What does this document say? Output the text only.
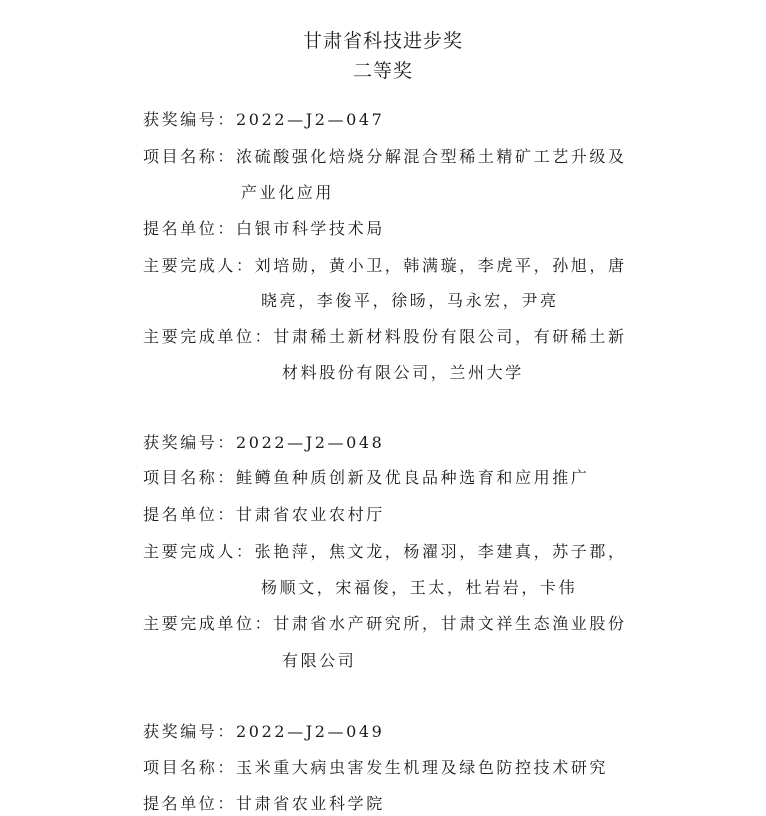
甘肃省科技进步奖
二等奖
获奖编号：2022—J2—047
项目名称：浓硫酸强化焙烧分解混合型稀土精矿工艺升级及
产业化应用
提名单位：白银市科学技术局
主要完成人：刘培勋，黄小卫，韩满璇，李虎平，孙旭，唐
晓亮，李俊平，徐旸，马永宏，尹亮
主要完成单位：甘肃稀土新材料股份有限公司，有研稀土新
材料股份有限公司，兰州大学
获奖编号：2022—J2—048
项目名称：鲑鳟鱼种质创新及优良品种选育和应用推广
提名单位：甘肃省农业农村厅
主要完成人：张艳萍，焦文龙，杨濯羽，李建真，苏子郡，
杨顺文，宋福俊，王太，杜岩岩，卡伟
主要完成单位：甘肃省水产研究所，甘肃文祥生态渔业股份
有限公司
获奖编号：2022—J2—049
项目名称：玉米重大病虫害发生机理及绿色防控技术研究
提名单位：甘肃省农业科学院
